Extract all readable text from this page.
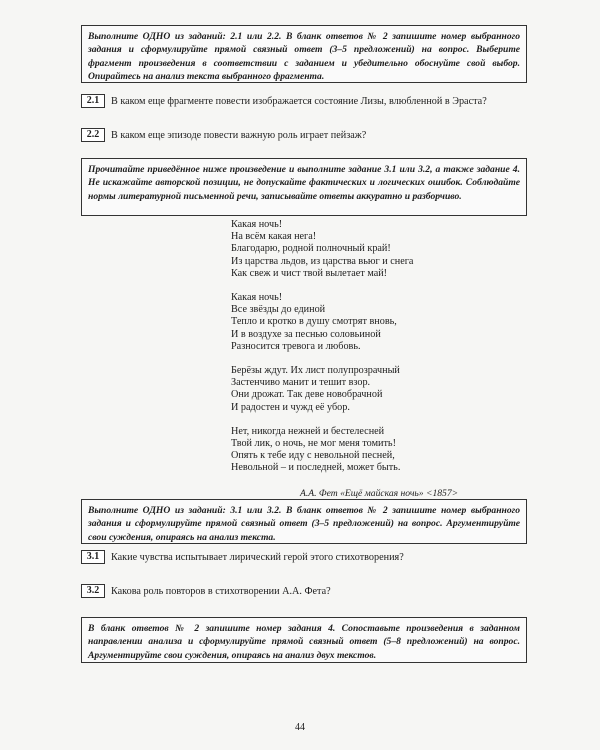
Выполните ОДНО из заданий: 2.1 или 2.2. В бланк ответов № 2 запишите номер выбранного задания и сформулируйте прямой связный ответ (3–5 предложений) на вопрос. Выберите фрагмент произведения в соответствии с заданием и убедительно обоснуйте свой выбор. Опирайтесь на анализ текста выбранного фрагмента.
2.1	В каком еще фрагменте повести изображается состояние Лизы, влюбленной в Эраста?
2.2	В каком еще эпизоде повести важную роль играет пейзаж?
Прочитайте приведённое ниже произведение и выполните задание 3.1 или 3.2, а также задание 4. Не искажайте авторской позиции, не допускайте фактических и логических ошибок. Соблюдайте нормы литературной письменной речи, записывайте ответы аккуратно и разборчиво.
Какая ночь!
На всём какая нега!
Благодарю, родной полночный край!
Из царства льдов, из царства вьюг и снега
Как свеж и чист твой вылетает май!
Какая ночь!
Все звёзды до единой
Тепло и кротко в душу смотрят вновь,
И в воздухе за песнью соловьиной
Разносится тревога и любовь.
Берёзы ждут. Их лист полупрозрачный
Застенчиво манит и тешит взор.
Они дрожат. Так деве новобрачной
И радостен и чужд её убор.
Нет, никогда нежней и бестелесней
Твой лик, о ночь, не мог меня томить!
Опять к тебе иду с невольной песней,
Невольной – и последней, может быть.
А.А. Фет «Ещё майская ночь» <1857>
Выполните ОДНО из заданий: 3.1 или 3.2. В бланк ответов № 2 запишите номер выбранного задания и сформулируйте прямой связный ответ (3–5 предложений) на вопрос. Аргументируйте свои суждения, опираясь на анализ текста.
3.1	Какие чувства испытывает лирический герой этого стихотворения?
3.2	Какова роль повторов в стихотворении А.А. Фета?
В бланк ответов № 2 запишите номер задания 4. Сопоставьте произведения в заданном направлении анализа и сформулируйте прямой связный ответ (5–8 предложений) на вопрос. Аргументируйте свои суждения, опираясь на анализ двух текстов.
44
